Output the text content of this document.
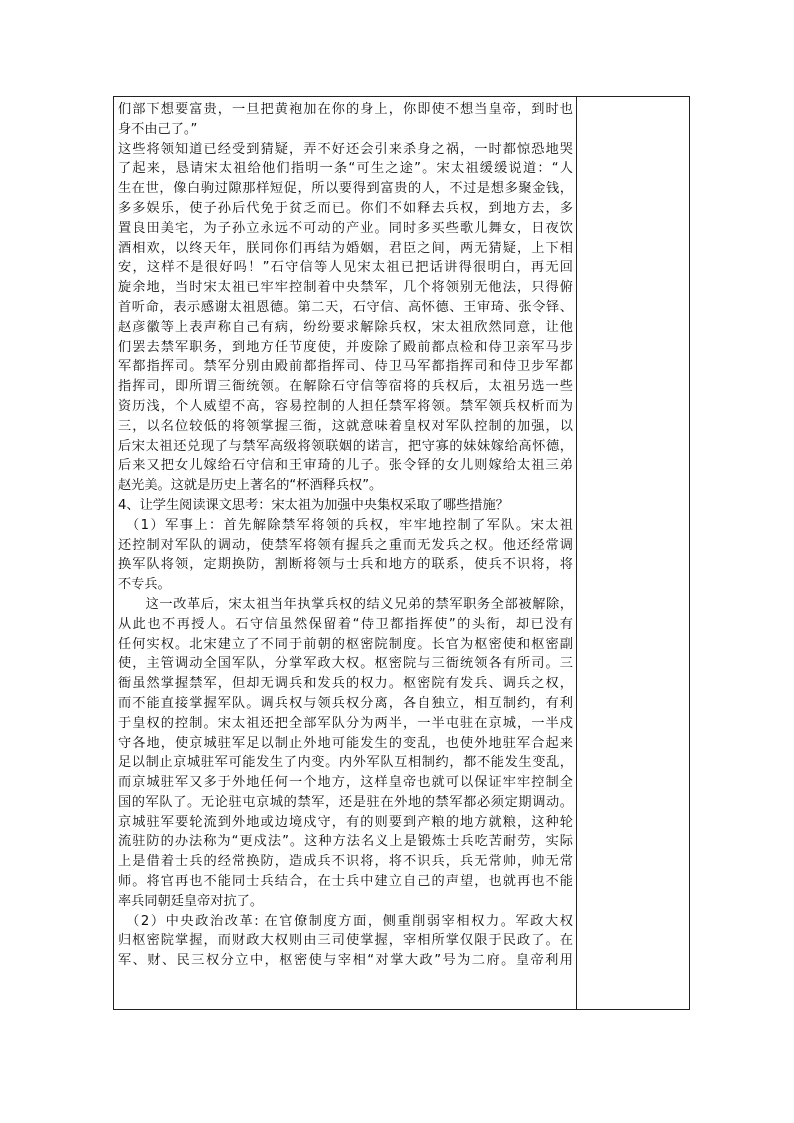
们部下想要富贵，一旦把黄袍加在你的身上，你即使不想当皇帝，到时也
身不由己了。”
这些将领知道已经受到猜疑，弄不好还会引来杀身之祸，一时都惊恐地哭
了起来，恳请宋太祖给他们指明一条“可生之途”。宋太祖缓缓说道：“人
生在世，像白驹过隙那样短促，所以要得到富贵的人，不过是想多聚金钱，
多多娱乐，使子孙后代免于贫乏而已。你们不如释去兵权，到地方去，多
置良田美宅，为子孙立永远不可动的产业。同时多买些歌儿舞女，日夜饮
酒相欢，以终天年，朕同你们再结为婚姻，君臣之间，两无猜疑，上下相
安，这样不是很好吗！”石守信等人见宋太祖已把话讲得很明白，再无回
旋余地，当时宋太祖已牢牢控制着中央禁军，几个将领别无他法，只得俯
首听命，表示感谢太祖恩德。第二天，石守信、高怀德、王审琦、张令铎、
赵彦徽等上表声称自己有病，纷纷要求解除兵权，宋太祖欣然同意，让他
们罢去禁军职务，到地方任节度使，并废除了殿前都点检和侍卫亲军马步
军都指挥司。禁军分别由殿前都指挥司、侍卫马军都指挥司和侍卫步军都
指挥司，即所谓三衙统领。在解除石守信等宿将的兵权后，太祖另选一些
资历浅，个人威望不高，容易控制的人担任禁军将领。禁军领兵权析而为
三，以名位较低的将领掌握三衙，这就意味着皇权对军队控制的加强，以
后宋太祖还兑现了与禁军高级将领联姻的诺言，把守寡的妹妹嫁给高怀德，
后来又把女儿嫁给石守信和王审琦的儿子。张令铎的女儿则嫁给太祖三弟
赵光美。这就是历史上著名的“杯酒释兵权”。
4、让学生阅读课文思考：宋太祖为加强中央集权采取了哪些措施？
　（1）军事上：首先解除禁军将领的兵权，牢牢地控制了军队。宋太祖
还控制对军队的调动，使禁军将领有握兵之重而无发兵之权。他还经常调
换军队将领，定期换防，割断将领与士兵和地方的联系，使兵不识将，将
不专兵。
　　这一改革后，宋太祖当年执掌兵权的结义兄弟的禁军职务全部被解除，
从此也不再授人。石守信虽然保留着“侍卫都指挥使”的头衔，却已没有
任何实权。北宋建立了不同于前朝的枢密院制度。长官为枢密使和枢密副
使，主管调动全国军队，分掌军政大权。枢密院与三衙统领各有所司。三
衙虽然掌握禁军，但却无调兵和发兵的权力。枢密院有发兵、调兵之权，
而不能直接掌握军队。调兵权与领兵权分离，各自独立，相互制约，有利
于皇权的控制。宋太祖还把全部军队分为两半，一半屯驻在京城，一半戍
守各地，使京城驻军足以制止外地可能发生的变乱，也使外地驻军合起来
足以制止京城驻军可能发生了内变。内外军队互相制约，都不能发生变乱，
而京城驻军又多于外地任何一个地方，这样皇帝也就可以保证牢牢控制全
国的军队了。无论驻屯京城的禁军，还是驻在外地的禁军都必须定期调动。
京城驻军要轮流到外地或边境戍守，有的则要到产粮的地方就粮，这种轮
流驻防的办法称为“更戍法”。这种方法名义上是锻炼士兵吃苦耐劳，实际
上是借着士兵的经常换防，造成兵不识将，将不识兵，兵无常帅，帅无常
师。将官再也不能同士兵结合，在士兵中建立自己的声望，也就再也不能
率兵同朝廷皇帝对抗了。
　（2）中央政治改革: 在官僚制度方面，侧重削弱宰相权力。军政大权
归枢密院掌握，而财政大权则由三司使掌握，宰相所掌仅限于民政了。在
军、财、民三权分立中，枢密使与宰相“对掌大政”号为二府。皇帝利用
